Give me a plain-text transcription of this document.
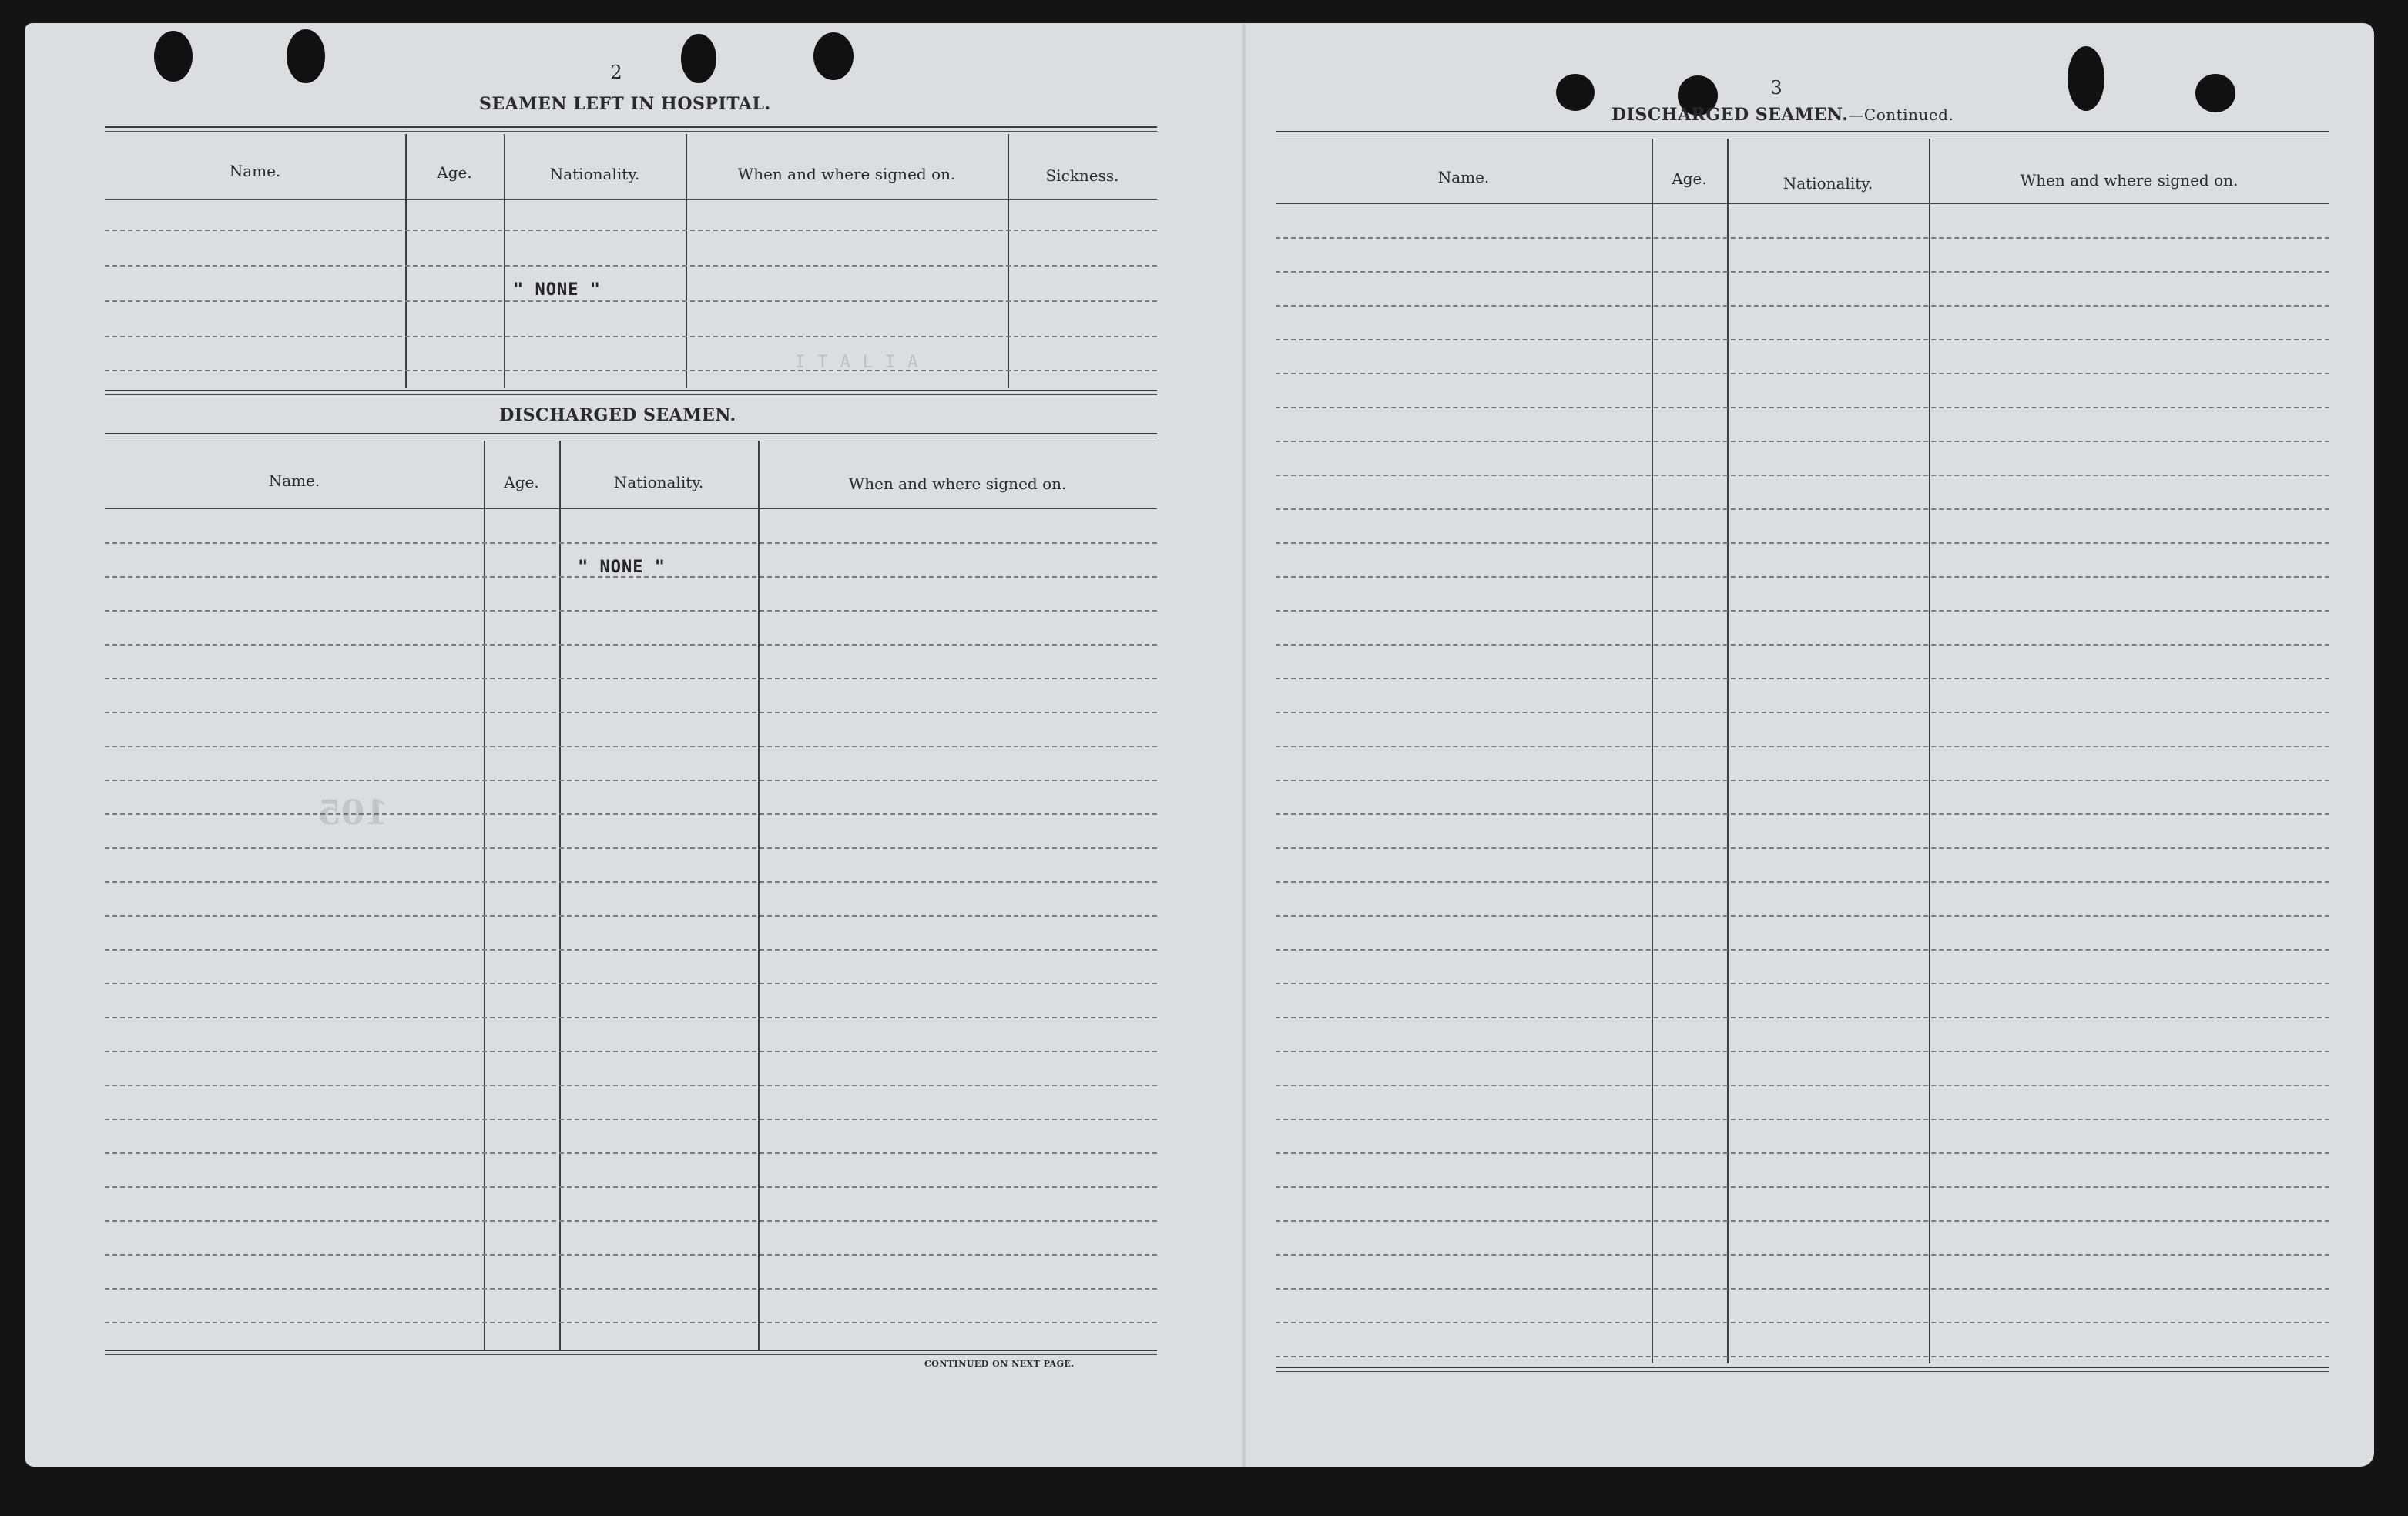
2
SEAMEN LEFT IN HOSPITAL.
Name.	Age.	Nationality.	When and where signed on.	Sickness.
" NONE "
ITALIA
DISCHARGED SEAMEN.
Name.	Age.	Nationality.	When and where signed on.
" NONE "
105
CONTINUED ON NEXT PAGE.
3
DISCHARGED SEAMEN.—Continued.
Name.	Age.	Nationality.	When and where signed on.
